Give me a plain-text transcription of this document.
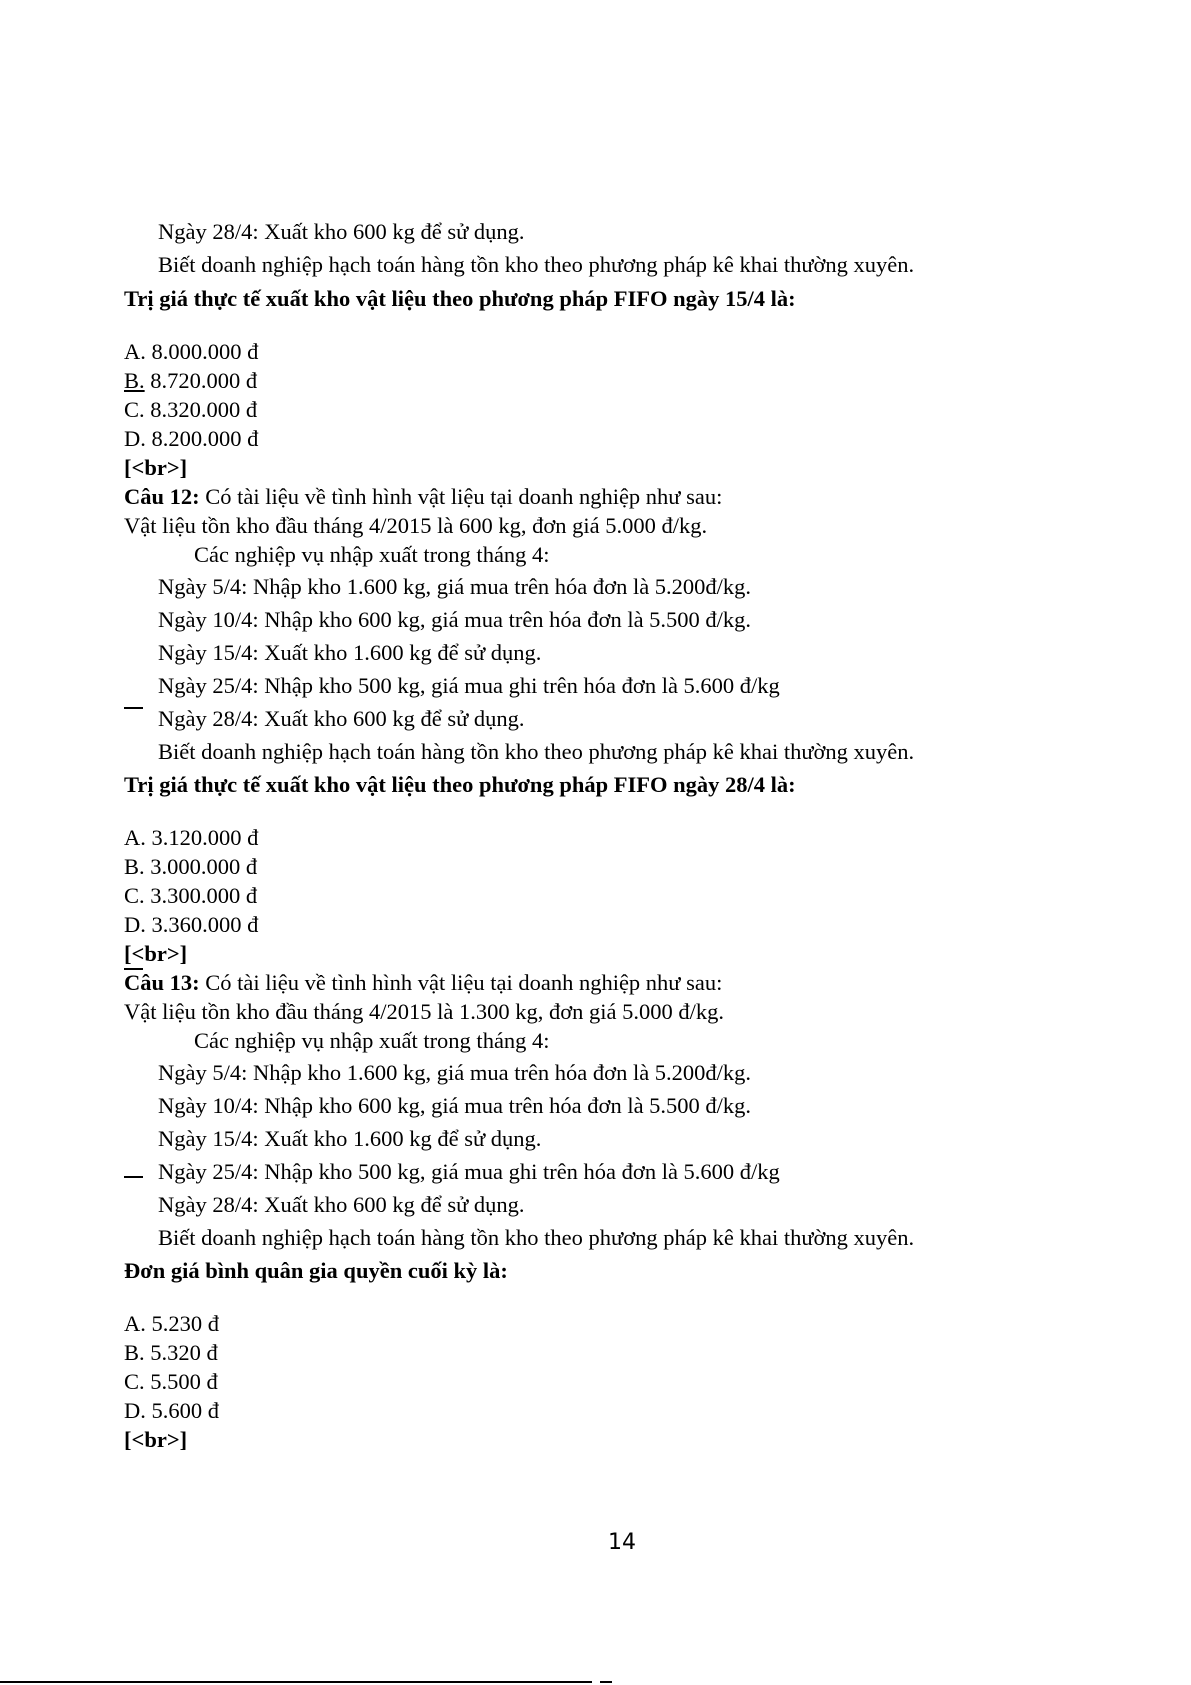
Ngày 28/4: Xuất kho 600 kg để sử dụng.
Biết doanh nghiệp hạch toán hàng tồn kho theo phương pháp kê khai thường xuyên.
Trị giá thực tế xuất kho vật liệu theo phương pháp FIFO ngày 15/4 là:
A. 8.000.000 đ
B. 8.720.000 đ
C. 8.320.000 đ
D. 8.200.000 đ
[<br>]
Câu 12: Có tài liệu về tình hình vật liệu tại doanh nghiệp như sau:
Vật liệu tồn kho đầu tháng 4/2015 là 600 kg, đơn giá 5.000 đ/kg.
Các nghiệp vụ nhập xuất trong tháng 4:
Ngày 5/4: Nhập kho 1.600 kg, giá mua trên hóa đơn là 5.200đ/kg.
Ngày 10/4: Nhập kho 600 kg, giá mua trên hóa đơn là 5.500 đ/kg.
Ngày 15/4: Xuất kho 1.600 kg để sử dụng.
Ngày 25/4: Nhập kho 500 kg, giá mua ghi trên hóa đơn là 5.600 đ/kg
Ngày 28/4: Xuất kho 600 kg để sử dụng.
Biết doanh nghiệp hạch toán hàng tồn kho theo phương pháp kê khai thường xuyên.
Trị giá thực tế xuất kho vật liệu theo phương pháp FIFO ngày 28/4 là:
A. 3.120.000 đ
B. 3.000.000 đ
C. 3.300.000 đ
D. 3.360.000 đ
[<br>]
Câu 13: Có tài liệu về tình hình vật liệu tại doanh nghiệp như sau:
Vật liệu tồn kho đầu tháng 4/2015 là 1.300 kg, đơn giá 5.000 đ/kg.
Các nghiệp vụ nhập xuất trong tháng 4:
Ngày 5/4: Nhập kho 1.600 kg, giá mua trên hóa đơn là 5.200đ/kg.
Ngày 10/4: Nhập kho 600 kg, giá mua trên hóa đơn là 5.500 đ/kg.
Ngày 15/4: Xuất kho 1.600 kg để sử dụng.
Ngày 25/4: Nhập kho 500 kg, giá mua ghi trên hóa đơn là 5.600 đ/kg
Ngày 28/4: Xuất kho 600 kg để sử dụng.
Biết doanh nghiệp hạch toán hàng tồn kho theo phương pháp kê khai thường xuyên.
Đơn giá bình quân gia quyền cuối kỳ là:
A. 5.230 đ
B. 5.320 đ
C. 5.500 đ
D. 5.600 đ
[<br>]
14
